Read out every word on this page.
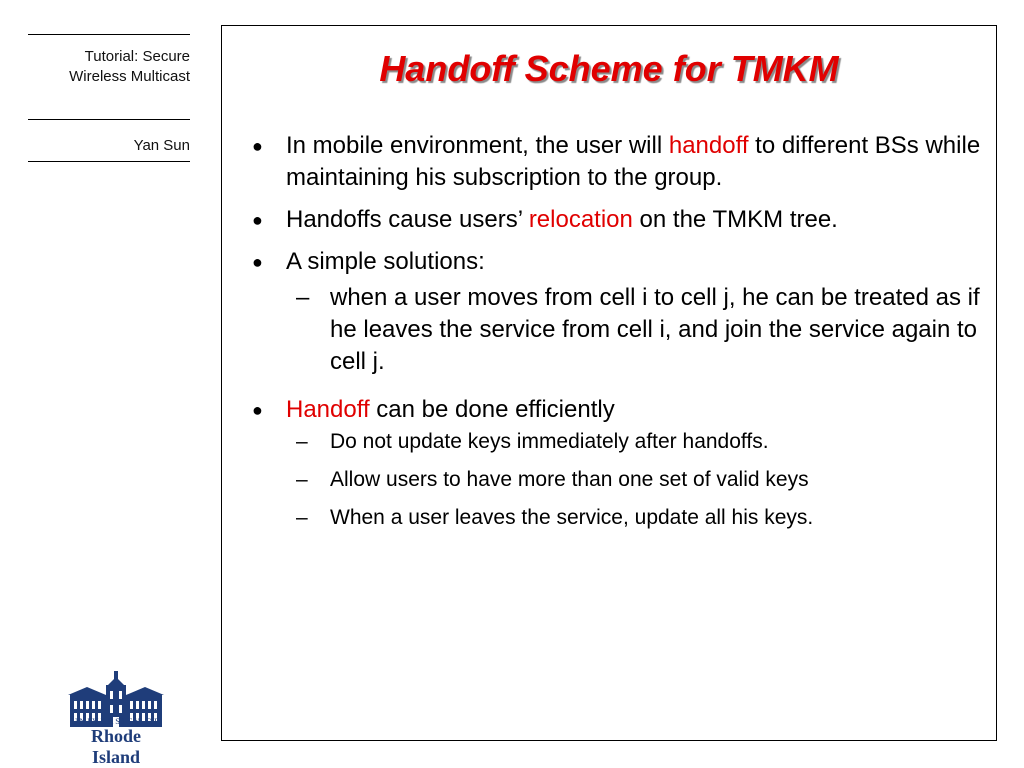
Tutorial: Secure Wireless Multicast
Yan Sun
UNIVERSITY OF
Rhode Island
Handoff Scheme for TMKM
● In mobile environment, the user will handoff to different BSs while maintaining his subscription to the group.
● Handoffs cause users’ relocation on the TMKM tree.
● A simple solutions:
– when a user moves from cell i to cell j, he can be treated as if he leaves the service from cell i, and join the service again to cell j.
● Handoff can be done efficiently
– Do not update keys immediately after handoffs.
– Allow users to have more than one set of valid keys
– When a user leaves the service, update all his keys.
